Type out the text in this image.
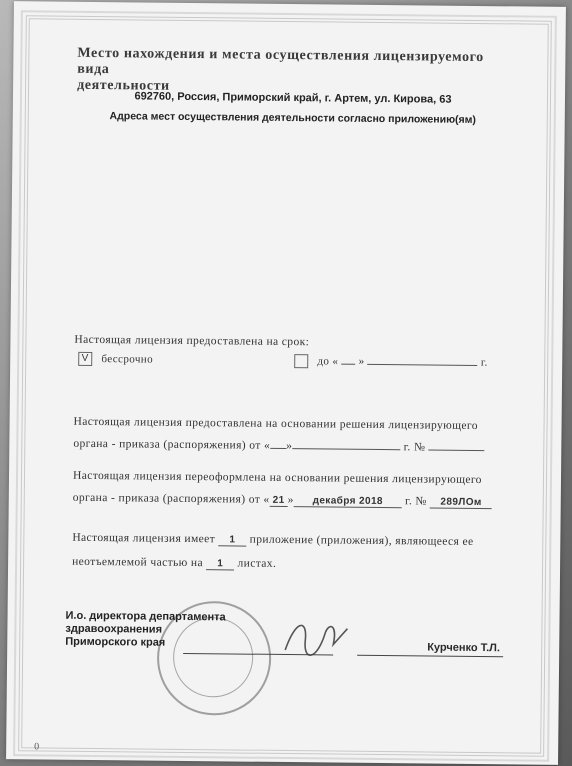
Место нахождения и места осуществления лицензируемого вида
деятельности

692760, Россия, Приморский край, г. Артем, ул. Кирова, 63
Адреса мест осуществления деятельности согласно приложению(ям)
Настоящая лицензия предоставлена на срок:
V бессрочно	до « »	г.

Настоящая лицензия предоставлена на основании решения лицензирующего
органа - приказа (распоряжения) от « »	г. №
Настоящая лицензия переоформлена на основании решения лицензирующего
органа - приказа (распоряжения) от « 21 » декабря 2018 г. № 289ЛОм
Настоящая лицензия имеет 1 приложение (приложения), являющееся ее
неотъемлемой частью на 1 листах.
И.о. директора департамента
здравоохранения
Приморского края	Курченко Т.Л.
0
